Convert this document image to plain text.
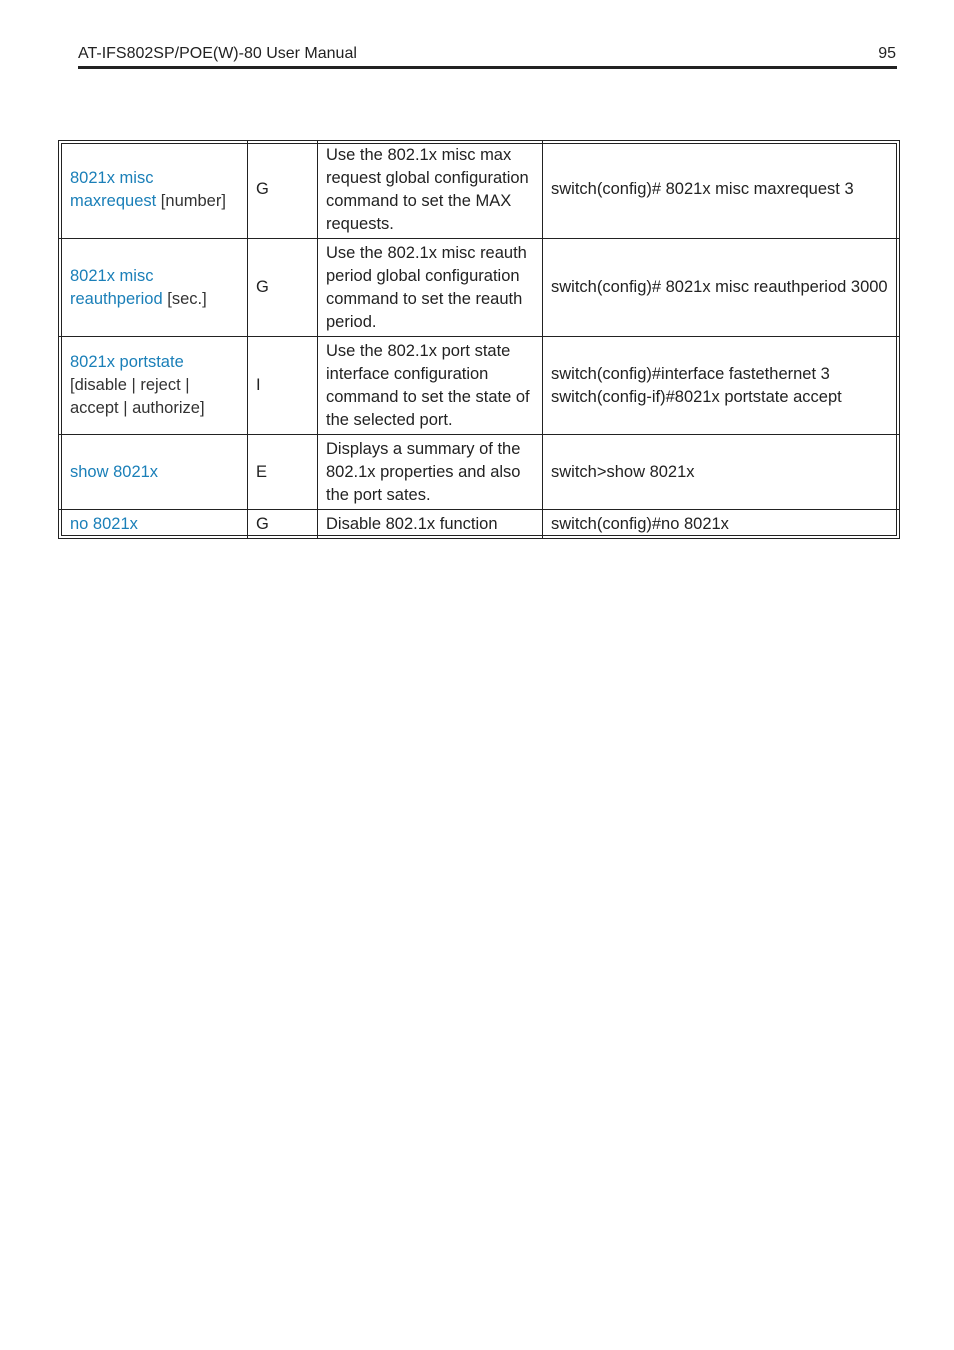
AT-IFS802SP/POE(W)-80 User Manual	95
8021x misc
maxrequest [number]	G	Use the 802.1x misc max request global configuration command to set the MAX requests.	switch(config)# 8021x misc maxrequest 3
8021x misc
reauthperiod [sec.]	G	Use the 802.1x misc reauth period global configuration command to set the reauth period.	switch(config)# 8021x misc reauthperiod 3000
8021x portstate
[disable | reject |
accept | authorize]	I	Use the 802.1x port state interface configuration command to set the state of the selected port.	switch(config)#interface fastethernet 3
switch(config-if)#8021x portstate accept
show 8021x	E	Displays a summary of the 802.1x properties and also the port sates.	switch>show 8021x
no 8021x	G	Disable 802.1x function	switch(config)#no 8021x
